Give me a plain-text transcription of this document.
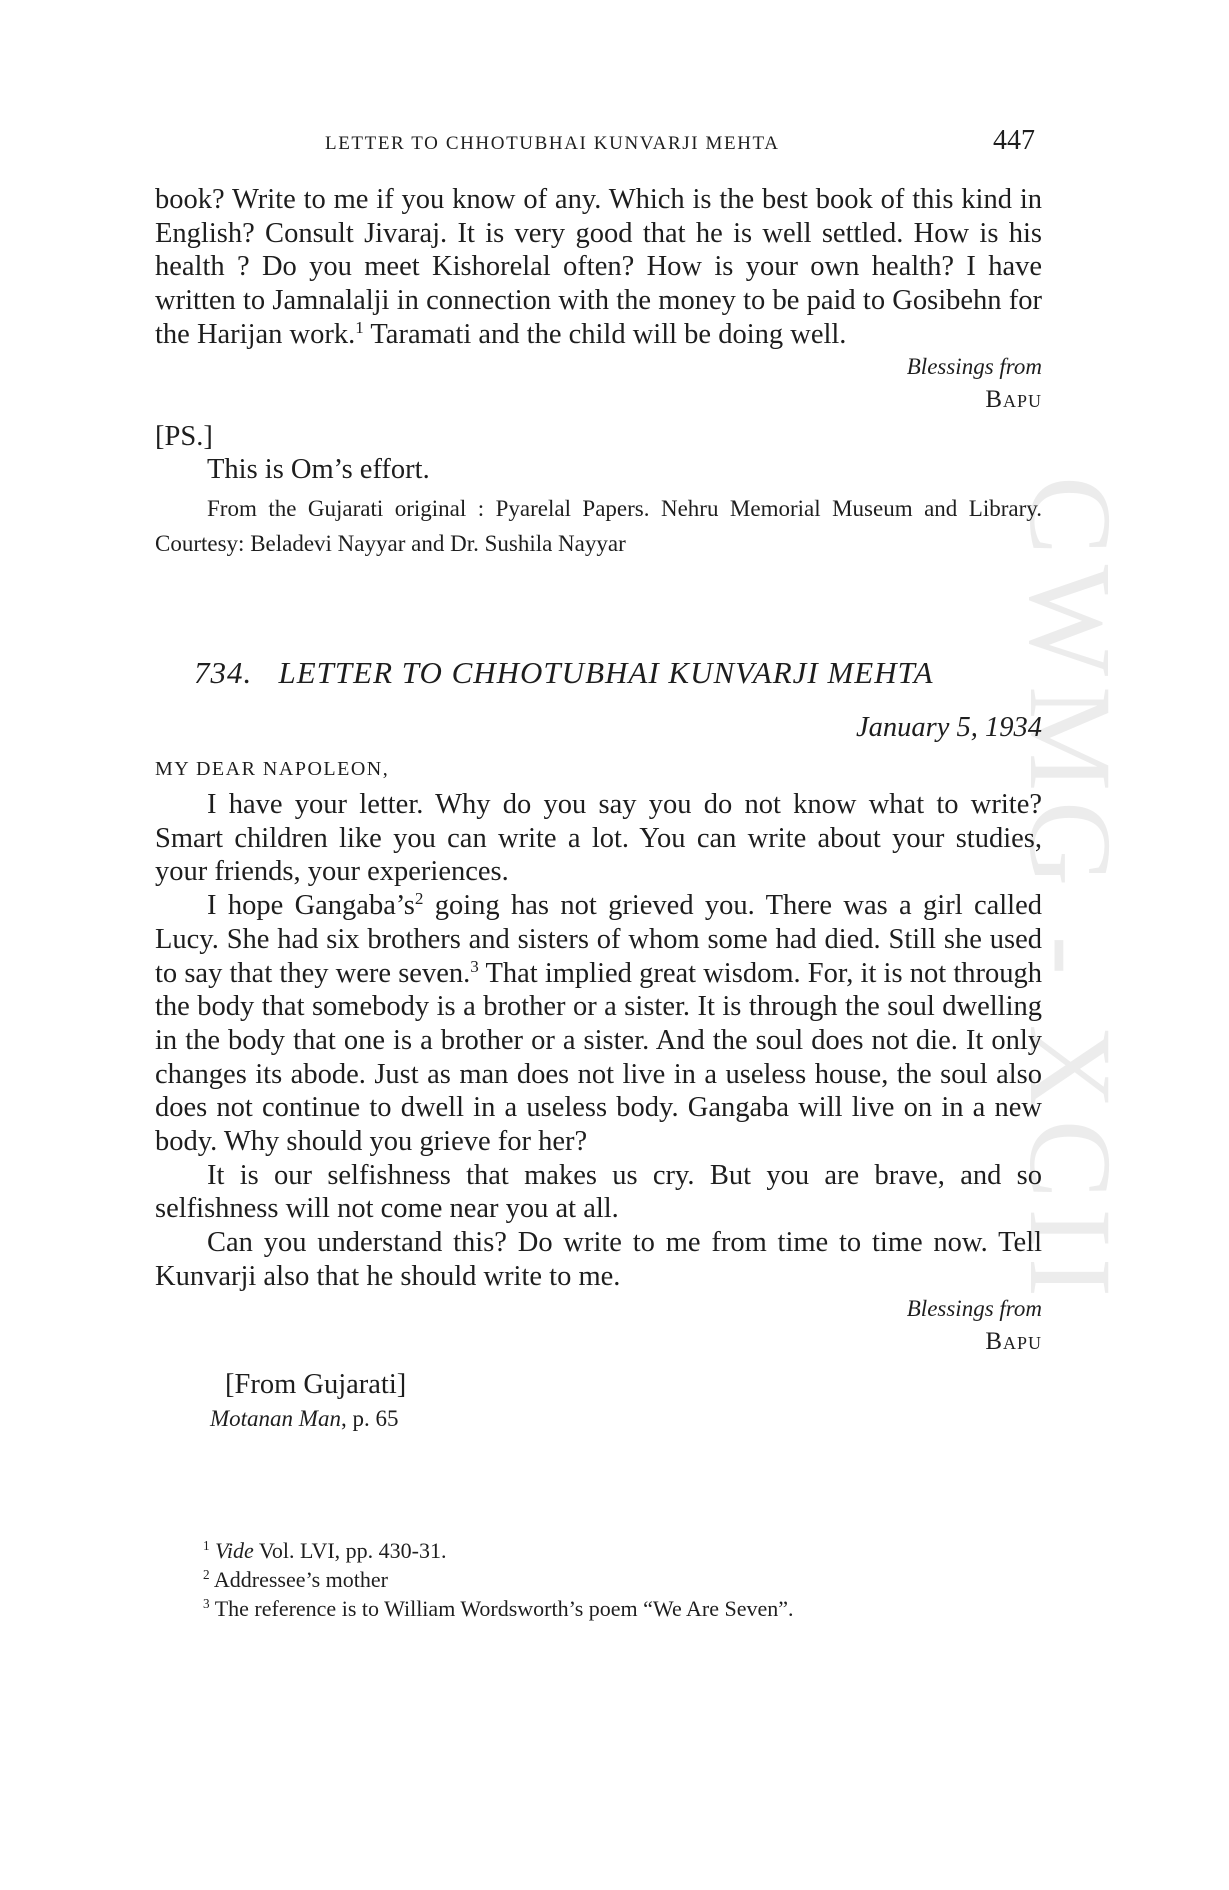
CWMG - XCII
LETTER TO CHHOTUBHAI KUNVARJI MEHTA	447

book? Write to me if you know of any. Which is the best book of this kind in English? Consult Jivaraj. It is very good that he is well settled. How is his health ? Do you meet Kishorelal often? How is your own health? I have written to Jamnalalji in connection with the money to be paid to Gosibehn for the Harijan work.$^1$ Taramati and the child will be doing well.

Blessings from

Bapu

[PS.]

This is Om’s effort.

From the Gujarati original : Pyarelal Papers. Nehru Memorial Museum and Library. Courtesy: Beladevi Nayyar and Dr. Sushila Nayyar

734. LETTER TO CHHOTUBHAI KUNVARJI MEHTA

January 5, 1934

MY DEAR NAPOLEON,

I have your letter. Why do you say you do not know what to write? Smart children like you can write a lot. You can write about your studies, your friends, your experiences.

I hope $Gangaba’s^2$ going has not grieved you. There was a girl called Lucy. She had six brothers and sisters of whom some had died. Still she used to say that they were seven.$^3$ That implied great wisdom. For, it is not through the body that somebody is a brother or a sister. It is through the soul dwelling in the body that one is a brother or a sister. And the soul does not die. It only changes its abode. Just as man does not live in a useless house, the soul also does not continue to dwell in a useless body. Gangaba will live on in a new body. Why should you grieve for her?

It is our selfishness that makes us cry. But you are brave, and so selfishness will not come near you at all.

Can you understand this? Do write to me from time to time now. Tell Kunvarji also that he should write to me.

Blessings from

Bapu

[From Gujarati]

Motanan Man, p. 65

$^1$ Vide Vol. LVI, pp. 430-31.

$^2$ Addressee’s mother

$^3$ The reference is to William Wordsworth’s poem “We Are Seven”.
